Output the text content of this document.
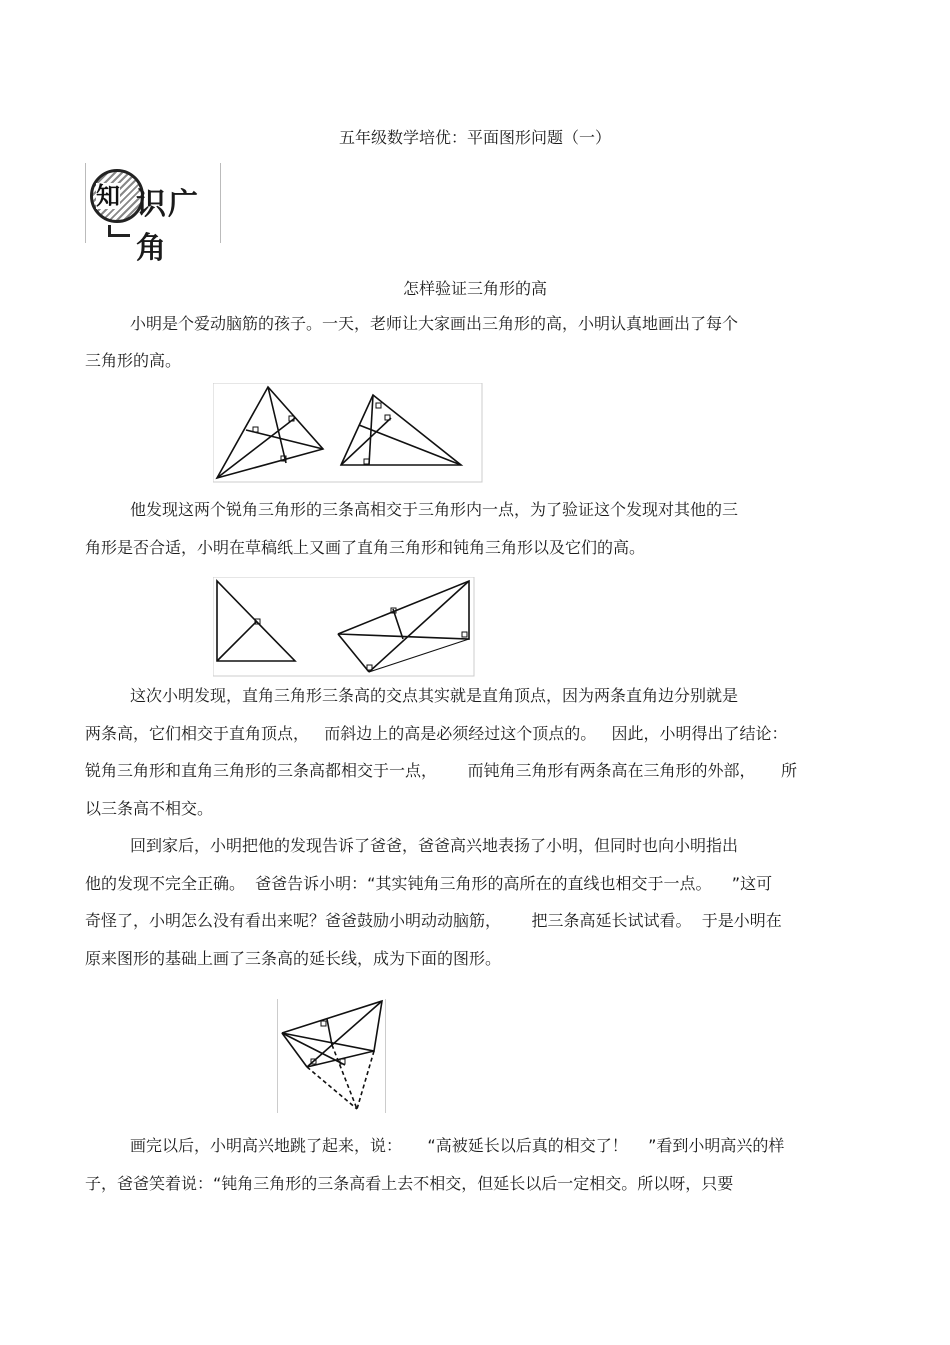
五年级数学培优：平面图形问题（一）
知 识广角
怎样验证三角形的高
小明是个爱动脑筋的孩子。一天，老师让大家画出三角形的高，小明认真地画出了每个
三角形的高。
他发现这两个锐角三角形的三条高相交于三角形内一点，为了验证这个发现对其他的三
角形是否合适，小明在草稿纸上又画了直角三角形和钝角三角形以及它们的高。
这次小明发现，直角三角形三条高的交点其实就是直角顶点，因为两条直角边分别就是
两条高，它们相交于直角顶点，   而斜边上的高是必须经过这个顶点的。   因此，小明得出了结论：
锐角三角形和直角三角形的三条高都相交于一点，      而钝角三角形有两条高在三角形的外部，     所
以三条高不相交。
回到家后，小明把他的发现告诉了爸爸，爸爸高兴地表扬了小明，但同时也向小明指出
他的发现不完全正确。  爸爸告诉小明：“其实钝角三角形的高所在的直线也相交于一点。    ”这可
奇怪了，小明怎么没有看出来呢？爸爸鼓励小明动动脑筋，      把三条高延长试试看。  于是小明在
原来图形的基础上画了三条高的延长线，成为下面的图形。
画完以后，小明高兴地跳了起来，说：     “高被延长以后真的相交了！    ”看到小明高兴的样
子，爸爸笑着说：“钝角三角形的三条高看上去不相交，但延长以后一定相交。所以呀，只要
